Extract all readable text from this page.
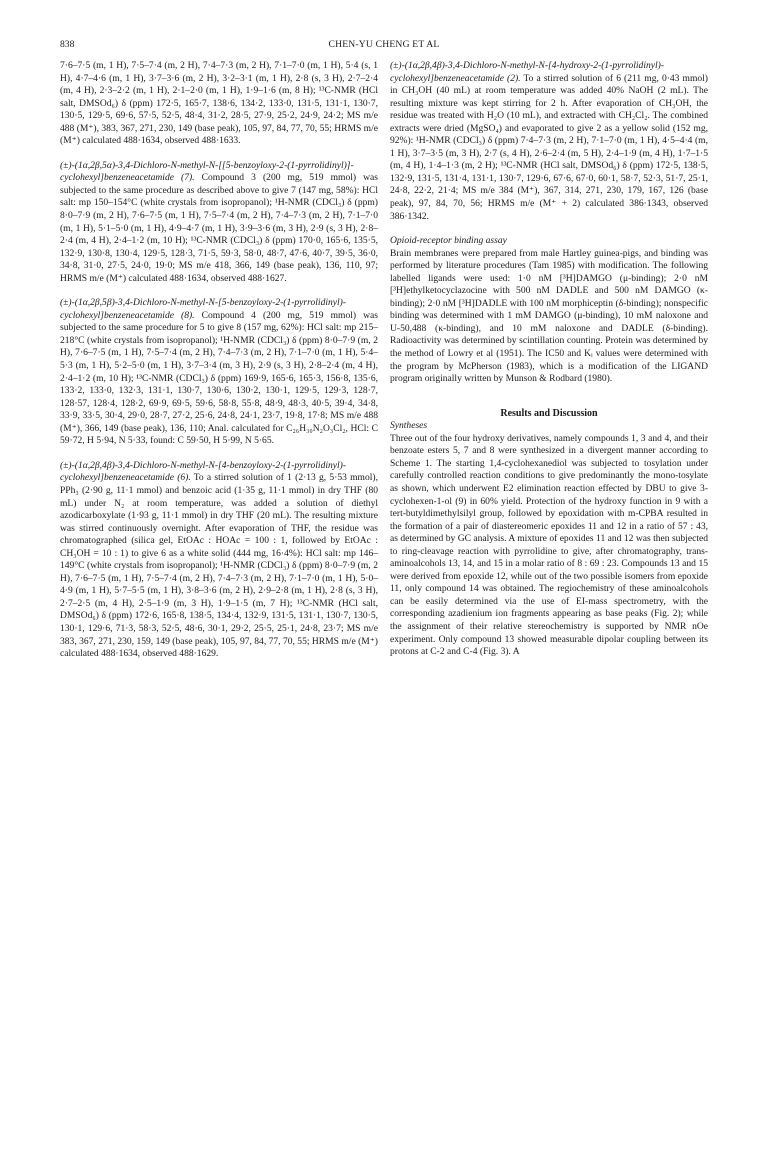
838	CHEN-YU CHENG ET AL

7·6–7·5 (m, 1 H), 7·5–7·4 (m, 2 H), 7·4–7·3 (m, 2 H), 7·1–7·0 (m, 1 H), 5·4 (s, 1 H), 4·7–4·6 (m, 1 H), 3·7–3·6 (m, 2 H), 3·2–3·1 (m, 1 H), 2·8 (s, 3 H), 2·7–2·4 (m, 4 H), 2·3–2·2 (m, 1 H), 2·1–2·0 (m, 1 H), 1·9–1·6 (m, 8 H); ¹³C-NMR (HCl salt, DMSOd₆) δ (ppm) 172·5, 165·7, 138·6, 134·2, 133·0, 131·5, 131·1, 130·7, 130·5, 129·5, 69·6, 57·5, 52·5, 48·4, 31·2, 28·5, 27·9, 25·2, 24·9, 24·2; MS m/e 488 (M⁺), 383, 367, 271, 230, 149 (base peak), 105, 97, 84, 77, 70, 55; HRMS m/e (M⁺) calculated 488·1634, observed 488·1633.

(±)-(1α,2β,5α)-3,4-Dichloro-N-methyl-N-[[5-benzoyloxy-2-(1-pyrrolidinyl)]-cyclohexyl]benzeneacetamide (7). Compound 3 (200 mg, 519 mmol) was subjected to the same procedure as described above to give 7 (147 mg, 58%): HCl salt: mp 150–154°C (white crystals from isopropanol); ¹H-NMR (CDCl₃) δ (ppm) 8·0–7·9 (m, 2 H), 7·6–7·5 (m, 1 H), 7·5–7·4 (m, 2 H), 7·4–7·3 (m, 2 H), 7·1–7·0 (m, 1 H), 5·1–5·0 (m, 1 H), 4·9–4·7 (m, 1 H), 3·9–3·6 (m, 3 H), 2·9 (s, 3 H), 2·8–2·4 (m, 4 H), 2·4–1·2 (m, 10 H); ¹³C-NMR (CDCl₃) δ (ppm) 170·0, 165·6, 135·5, 132·9, 130·8, 130·4, 129·5, 128·3, 71·5, 59·3, 58·0, 48·7, 47·6, 40·7, 39·5, 36·0, 34·8, 31·0, 27·5, 24·0, 19·0; MS m/e 418, 366, 149 (base peak), 136, 110, 97; HRMS m/e (M⁺) calculated 488·1634, observed 488·1627.

(±)-(1α,2β,5β)-3,4-Dichloro-N-methyl-N-[5-benzoyloxy-2-(1-pyrrolidinyl)-cyclohexyl]benzeneacetamide (8). Compound 4 (200 mg, 519 mmol) was subjected to the same procedure for 5 to give 8 (157 mg, 62%): HCl salt: mp 215–218°C (white crystals from isopropanol); ¹H-NMR (CDCl₃) δ (ppm) 8·0–7·9 (m, 2 H), 7·6–7·5 (m, 1 H), 7·5–7·4 (m, 2 H), 7·4–7·3 (m, 2 H), 7·1–7·0 (m, 1 H), 5·4–5·3 (m, 1 H), 5·2–5·0 (m, 1 H), 3·7–3·4 (m, 3 H), 2·9 (s, 3 H), 2·8–2·4 (m, 4 H), 2·4–1·2 (m, 10 H); ¹³C-NMR (CDCl₃) δ (ppm) 169·9, 165·6, 165·3, 156·8, 135·6, 133·2, 133·0, 132·3, 131·1, 130·7, 130·6, 130·2, 130·1, 129·5, 129·3, 128·7, 128·57, 128·4, 128·2, 69·9, 69·5, 59·6, 58·8, 55·8, 48·9, 48·3, 40·5, 39·4, 34·8, 33·9, 33·5, 30·4, 29·0, 28·7, 27·2, 25·6, 24·8, 24·1, 23·7, 19·8, 17·8; MS m/e 488 (M⁺), 366, 149 (base peak), 136, 110; Anal. calculated for C₂₆H₃₀N₂O₃Cl₂, HCl: C 59·72, H 5·94, N 5·33, found: C 59·50, H 5·99, N 5·65.

(±)-(1α,2β,4β)-3,4-Dichloro-N-methyl-N-[4-benzoyloxy-2-(1-pyrrolidinyl)-cyclohexyl]benzeneacetamide (6). To a stirred solution of 1 (2·13 g, 5·53 mmol), PPh₃ (2·90 g, 11·1 mmol) and benzoic acid (1·35 g, 11·1 mmol) in dry THF (80 mL) under N₂ at room temperature, was added a solution of diethyl azodicarboxylate (1·93 g, 11·1 mmol) in dry THF (20 mL). The resulting mixture was stirred continuously overnight. After evaporation of THF, the residue was chromatographed (silica gel, EtOAc : HOAc = 100 : 1, followed by EtOAc : CH₃OH = 10 : 1) to give 6 as a white solid (444 mg, 16·4%): HCl salt: mp 146–149°C (white crystals from isopropanol); ¹H-NMR (CDCl₃) δ (ppm) 8·0–7·9 (m, 2 H), 7·6–7·5 (m, 1 H), 7·5–7·4 (m, 2 H), 7·4–7·3 (m, 2 H), 7·1–7·0 (m, 1 H), 5·0–4·9 (m, 1 H), 5·7–5·5 (m, 1 H), 3·8–3·6 (m, 2 H), 2·9–2·8 (m, 1 H), 2·8 (s, 3 H), 2·7–2·5 (m, 4 H), 2·5–1·9 (m, 3 H), 1·9–1·5 (m, 7 H); ¹³C-NMR (HCl salt, DMSOd₆) δ (ppm) 172·6, 165·8, 138·5, 134·4, 132·9, 131·5, 131·1, 130·7, 130·5, 130·1, 129·6, 71·3, 58·3, 52·5, 48·6, 30·1, 29·2, 25·5, 25·1, 24·8, 23·7; MS m/e 383, 367, 271, 230, 159, 149 (base peak), 105, 97, 84, 77, 70, 55; HRMS m/e (M⁺) calculated 488·1634, observed 488·1629.

(±)-(1α,2β,4β)-3,4-Dichloro-N-methyl-N-[4-hydroxy-2-(1-pyrrolidinyl)-cyclohexyl]benzeneacetamide (2). To a stirred solution of 6 (211 mg, 0·43 mmol) in CH₃OH (40 mL) at room temperature was added 40% NaOH (2 mL). The resulting mixture was kept stirring for 2 h. After evaporation of CH₃OH, the residue was treated with H₂O (10 mL), and extracted with CH₂Cl₂. The combined extracts were dried (MgSO₄) and evaporated to give 2 as a yellow solid (152 mg, 92%): ¹H-NMR (CDCl₃) δ (ppm) 7·4–7·3 (m, 2 H), 7·1–7·0 (m, 1 H), 4·5–4·4 (m, 1 H), 3·7–3·5 (m, 3 H), 2·7 (s, 4 H), 2·6–2·4 (m, 5 H), 2·4–1·9 (m, 4 H), 1·7–1·5 (m, 4 H), 1·4–1·3 (m, 2 H); ¹³C-NMR (HCl salt, DMSOd₆) δ (ppm) 172·5, 138·5, 132·9, 131·5, 131·4, 131·1, 130·7, 129·6, 67·6, 67·0, 60·1, 58·7, 52·3, 51·7, 25·1, 24·8, 22·2, 21·4; MS m/e 384 (M⁺), 367, 314, 271, 230, 179, 167, 126 (base peak), 97, 84, 70, 56; HRMS m/e (M⁺ + 2) calculated 386·1343, observed 386·1342.

Opioid-receptor binding assay

Brain membranes were prepared from male Hartley guinea-pigs, and binding was performed by literature procedures (Tam 1985) with modification. The following labelled ligands were used: 1·0 nM [³H]DAMGO (μ-binding); 2·0 nM [³H]ethylketocyclazocine with 500 nM DADLE and 500 nM DAMGO (κ-binding); 2·0 nM [³H]DADLE with 100 nM morphiceptin (δ-binding); nonspecific binding was determined with 1 mM DAMGO (μ-binding), 10 mM naloxone and U-50,488 (κ-binding), and 10 mM naloxone and DADLE (δ-binding). Radioactivity was determined by scintillation counting. Protein was determined by the method of Lowry et al (1951). The IC50 and Kᵢ values were determined with the program by McPherson (1983), which is a modification of the LIGAND program originally written by Munson & Rodbard (1980).

Results and Discussion

Syntheses

Three out of the four hydroxy derivatives, namely compounds 1, 3 and 4, and their benzoate esters 5, 7 and 8 were synthesized in a divergent manner according to Scheme 1. The starting 1,4-cyclohexanediol was subjected to tosylation under carefully controlled reaction conditions to give predominantly the mono-tosylate as shown, which underwent E2 elimination reaction effected by DBU to give 3-cyclohexen-1-ol (9) in 60% yield. Protection of the hydroxy function in 9 with a tert-butyldimethylsilyl group, followed by epoxidation with m-CPBA resulted in the formation of a pair of diastereomeric epoxides 11 and 12 in a ratio of 57 : 43, as determined by GC analysis. A mixture of epoxides 11 and 12 was then subjected to ring-cleavage reaction with pyrrolidine to give, after chromatography, trans-aminoalcohols 13, 14, and 15 in a molar ratio of 8 : 69 : 23. Compounds 13 and 15 were derived from epoxide 12, while out of the two possible isomers from epoxide 11, only compound 14 was obtained. The regiochemistry of these aminoalcohols can be easily determined via the use of EI-mass spectrometry, with the corresponding azadienium ion fragments appearing as base peaks (Fig. 2); while the assignment of their relative stereochemistry is supported by NMR nOe experiment. Only compound 13 showed measurable dipolar coupling between its protons at C-2 and C-4 (Fig. 3). A
